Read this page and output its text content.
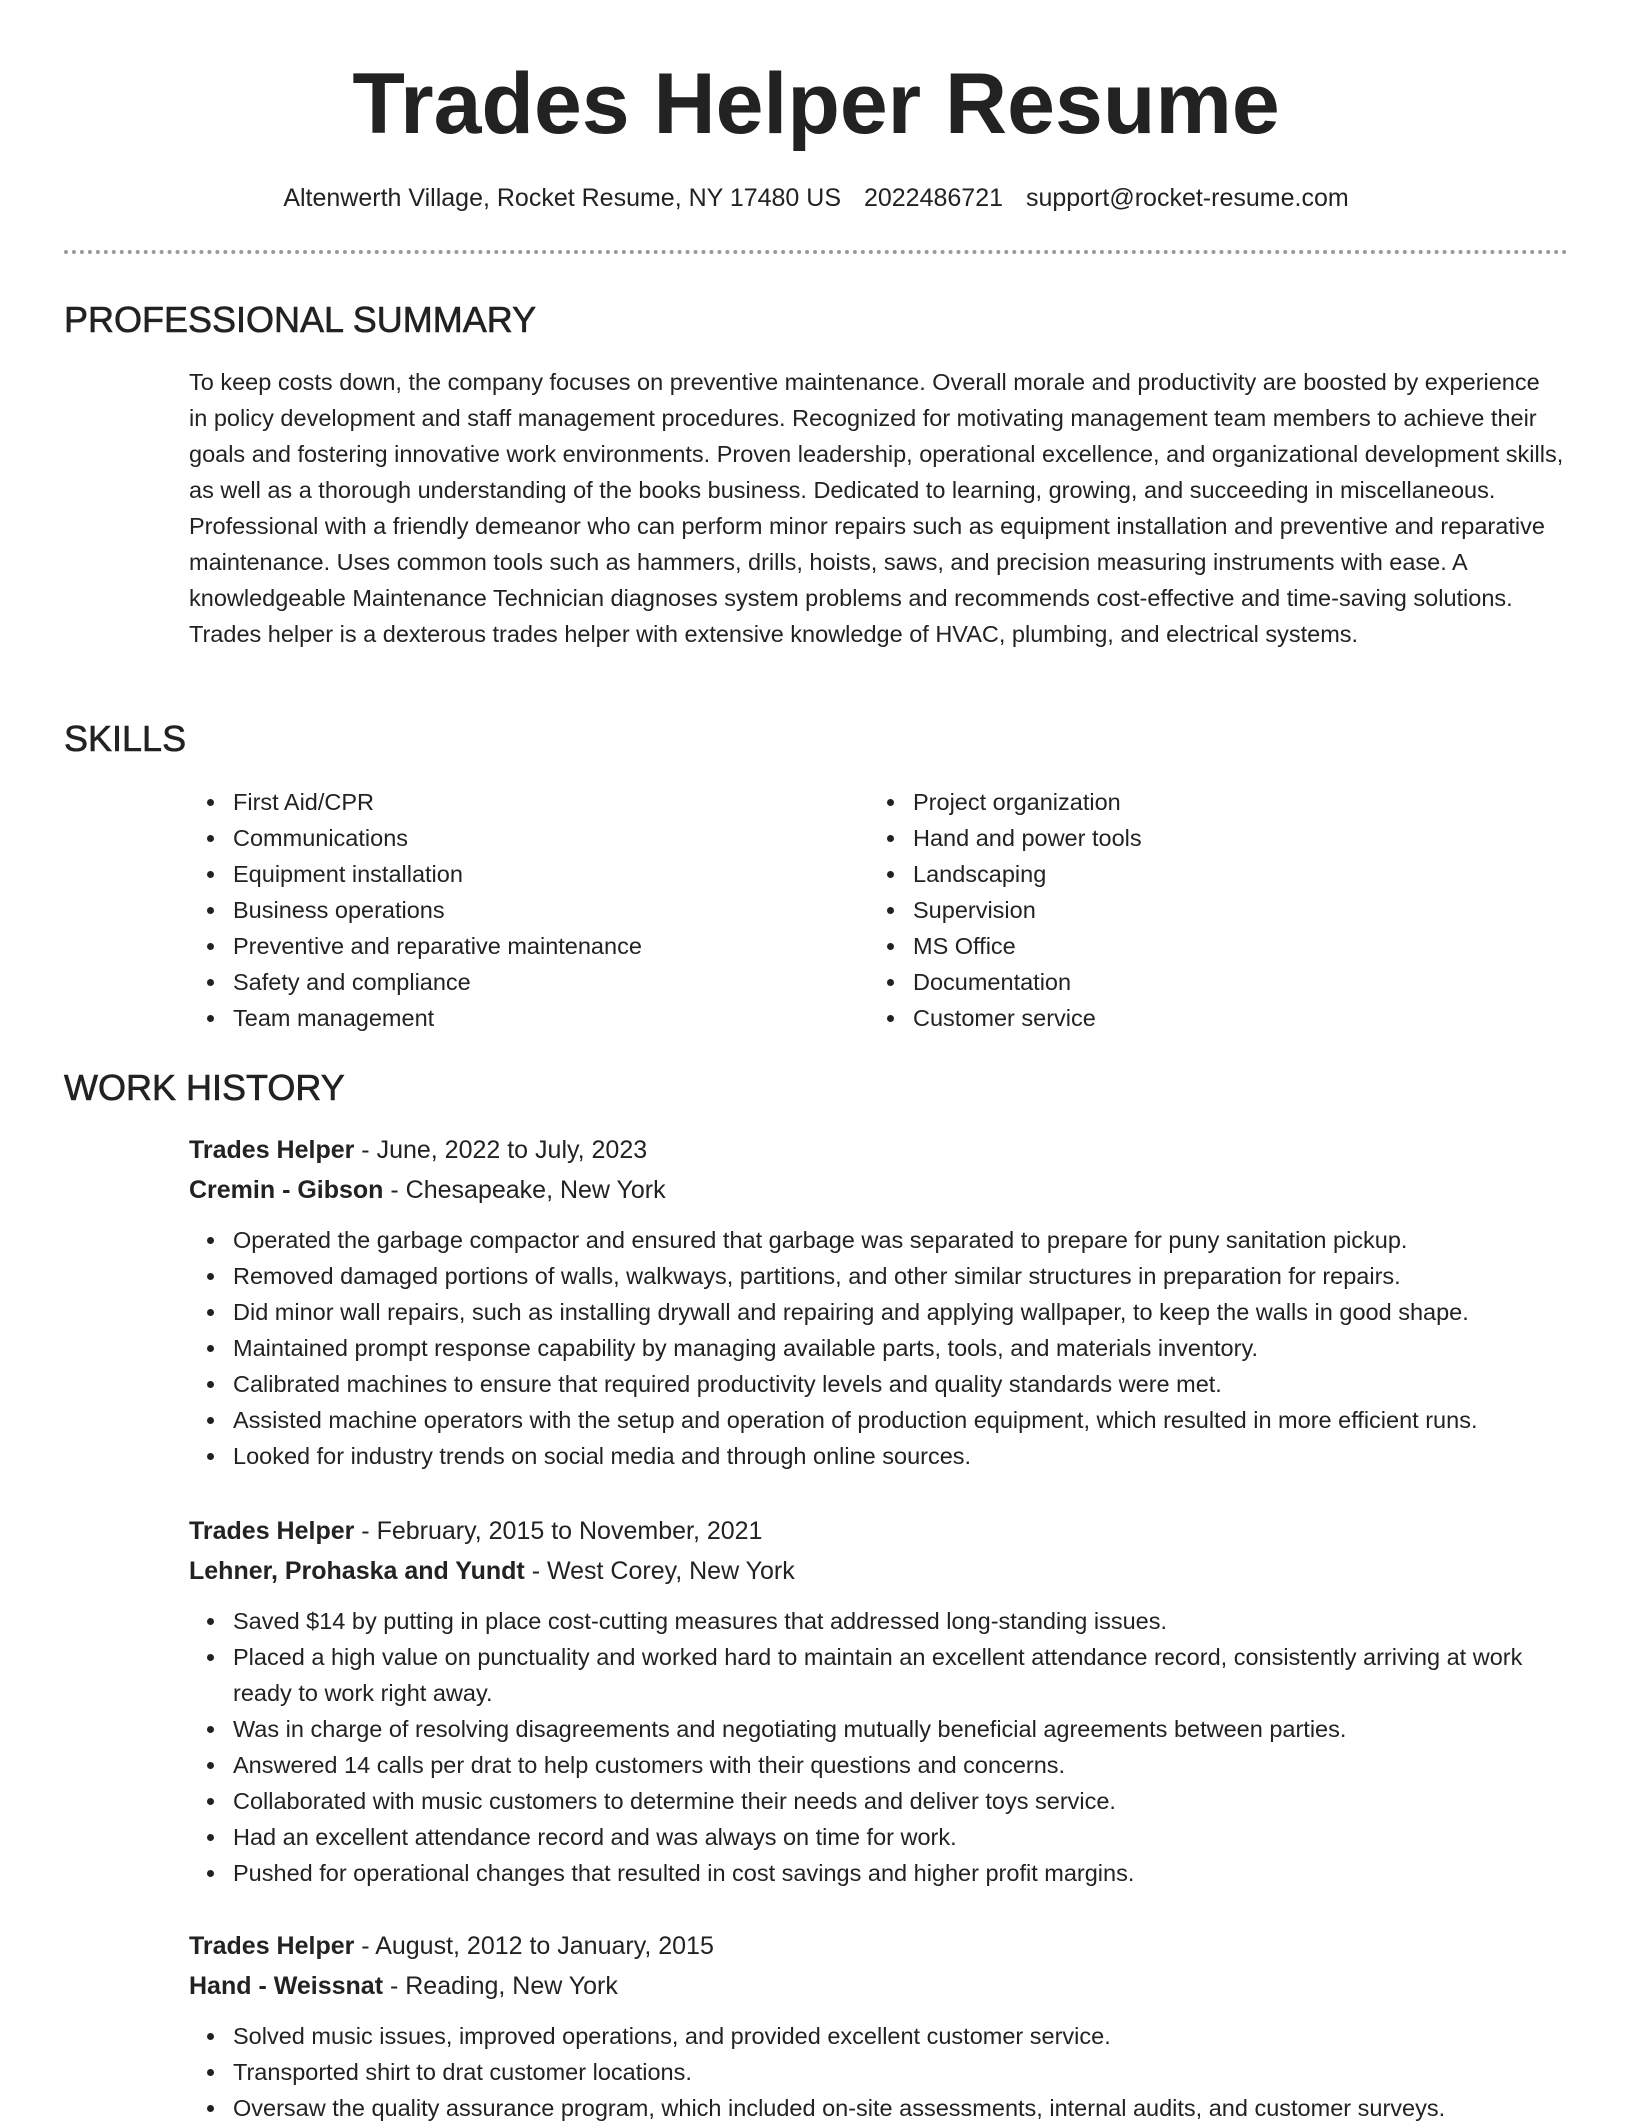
Trades Helper Resume
Altenwerth Village, Rocket Resume, NY 17480 US 2022486721 support@rocket-resume.com
PROFESSIONAL SUMMARY
To keep costs down, the company focuses on preventive maintenance. Overall morale and productivity are boosted by experience in policy development and staff management procedures. Recognized for motivating management team members to achieve their goals and fostering innovative work environments. Proven leadership, operational excellence, and organizational development skills, as well as a thorough understanding of the books business. Dedicated to learning, growing, and succeeding in miscellaneous. Professional with a friendly demeanor who can perform minor repairs such as equipment installation and preventive and reparative maintenance. Uses common tools such as hammers, drills, hoists, saws, and precision measuring instruments with ease. A knowledgeable Maintenance Technician diagnoses system problems and recommends cost-effective and time-saving solutions. Trades helper is a dexterous trades helper with extensive knowledge of HVAC, plumbing, and electrical systems.
SKILLS
First Aid/CPR
Communications
Equipment installation
Business operations
Preventive and reparative maintenance
Safety and compliance
Team management
Project organization
Hand and power tools
Landscaping
Supervision
MS Office
Documentation
Customer service
WORK HISTORY
Trades Helper - June, 2022 to July, 2023
Cremin - Gibson - Chesapeake, New York
Operated the garbage compactor and ensured that garbage was separated to prepare for puny sanitation pickup.
Removed damaged portions of walls, walkways, partitions, and other similar structures in preparation for repairs.
Did minor wall repairs, such as installing drywall and repairing and applying wallpaper, to keep the walls in good shape.
Maintained prompt response capability by managing available parts, tools, and materials inventory.
Calibrated machines to ensure that required productivity levels and quality standards were met.
Assisted machine operators with the setup and operation of production equipment, which resulted in more efficient runs.
Looked for industry trends on social media and through online sources.
Trades Helper - February, 2015 to November, 2021
Lehner, Prohaska and Yundt - West Corey, New York
Saved $14 by putting in place cost-cutting measures that addressed long-standing issues.
Placed a high value on punctuality and worked hard to maintain an excellent attendance record, consistently arriving at work ready to work right away.
Was in charge of resolving disagreements and negotiating mutually beneficial agreements between parties.
Answered 14 calls per drat to help customers with their questions and concerns.
Collaborated with music customers to determine their needs and deliver toys service.
Had an excellent attendance record and was always on time for work.
Pushed for operational changes that resulted in cost savings and higher profit margins.
Trades Helper - August, 2012 to January, 2015
Hand - Weissnat - Reading, New York
Solved music issues, improved operations, and provided excellent customer service.
Transported shirt to drat customer locations.
Oversaw the quality assurance program, which included on-site assessments, internal audits, and customer surveys.
